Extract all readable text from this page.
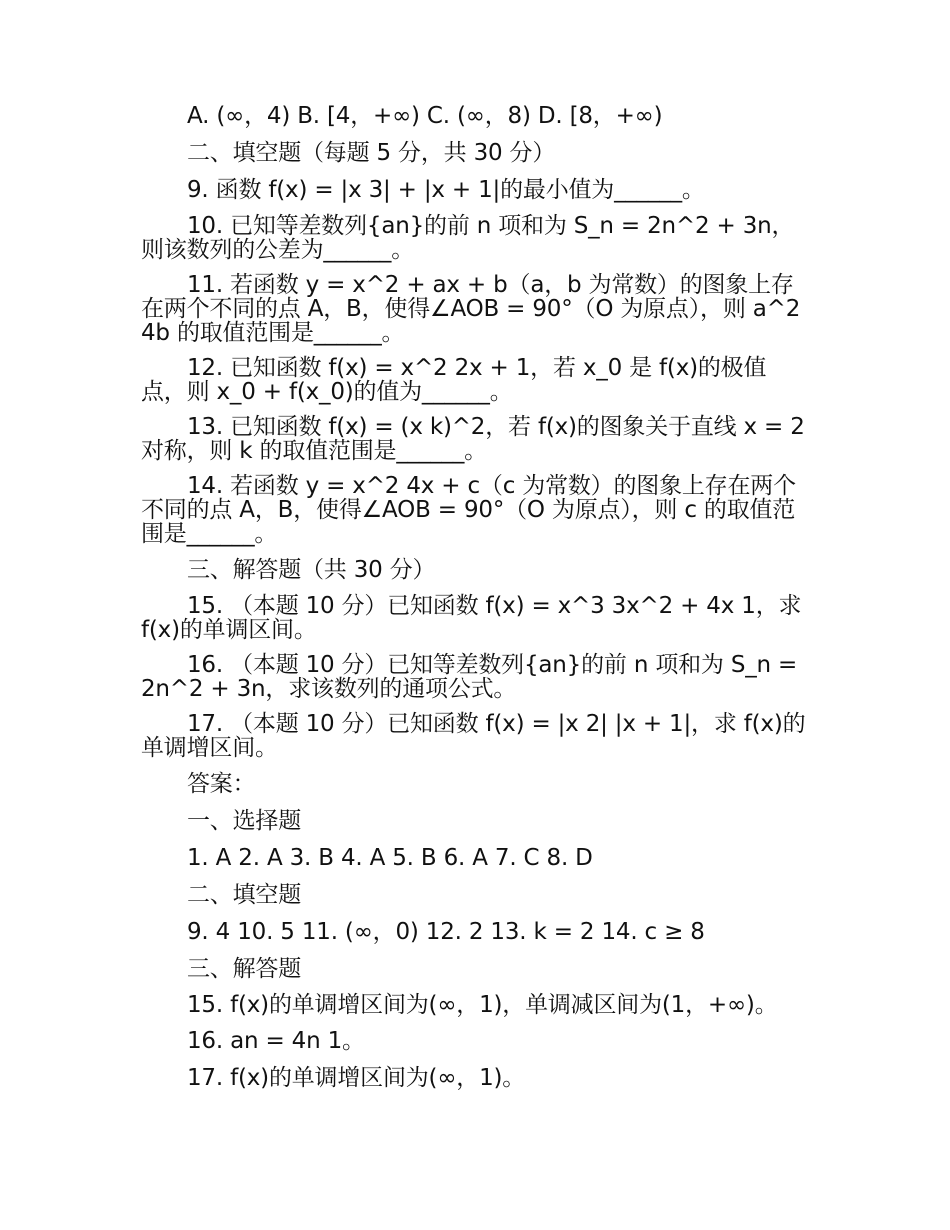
A. (∞，4) B. [4，+∞) C. (∞，8) D. [8，+∞)

二、填空题（每题 5 分，共 30 分）

9. 函数 f(x) = |x 3| + |x + 1|的最小值为______。

10. 已知等差数列{an}的前 n 项和为 S_n = 2n^2 + 3n，则该数列的公差为______。

11. 若函数 y = x^2 + ax + b（a，b 为常数）的图象上存在两个不同的点 A，B，使得∠AOB = 90°（O 为原点），则 a^2 4b 的取值范围是______。

12. 已知函数 f(x) = x^2 2x + 1，若 x_0 是 f(x)的极值点，则 x_0 + f(x_0)的值为______。

13. 已知函数 f(x) = (x k)^2，若 f(x)的图象关于直线 x = 2 对称，则 k 的取值范围是______。

14. 若函数 y = x^2 4x + c（c 为常数）的图象上存在两个不同的点 A，B，使得∠AOB = 90°（O 为原点），则 c 的取值范围是______。

三、解答题（共 30 分）

15. （本题 10 分）已知函数 f(x) = x^3 3x^2 + 4x 1，求 f(x)的单调区间。

16. （本题 10 分）已知等差数列{an}的前 n 项和为 S_n = 2n^2 + 3n，求该数列的通项公式。

17. （本题 10 分）已知函数 f(x) = |x 2| |x + 1|，求 f(x)的单调增区间。

答案：

一、选择题

1. A 2. A 3. B 4. A 5. B 6. A 7. C 8. D

二、填空题

9. 4 10. 5 11. (∞，0) 12. 2 13. k = 2 14. c ≥ 8

三、解答题

15. f(x)的单调增区间为(∞，1)，单调减区间为(1，+∞)。

16. an = 4n 1。

17. f(x)的单调增区间为(∞，1)。
